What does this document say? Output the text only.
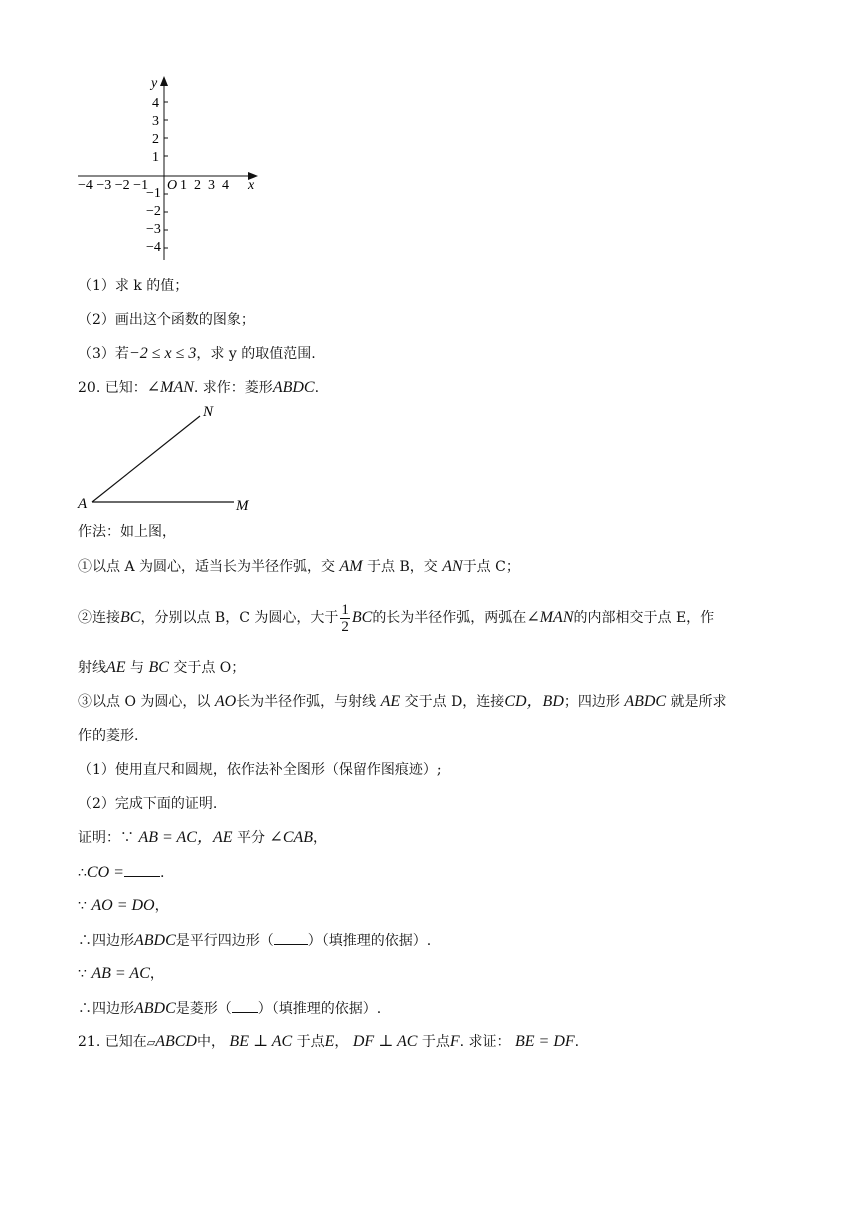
y
4
3
2
1
−1
−2
−3
−4
−4 −3 −2 −1 O 1  2  3  4 x
（1）求 k 的值；
（2）画出这个函数的图象；
（3）若−2 ≤ x ≤ 3，求 y 的取值范围.
20. 已知：∠MAN. 求作：菱形ABDC.
A	M
N
作法：如上图，
①以点 A 为圆心，适当长为半径作弧，交 AM 于点 B，交 AN于点 C；
②连接BC，分别以点 B，C 为圆心，大于 $\frac{1}{2}$ BC的长为半径作弧，两弧在∠MAN的内部相交于点 E，作
射线AE 与 BC 交于点 O；
③以点 O 为圆心，以 AO长为半径作弧，与射线 AE 交于点 D，连接CD，BD；四边形 ABDC 就是所求
作的菱形.
（1）使用直尺和圆规，依作法补全图形（保留作图痕迹）;
（2）完成下面的证明.
证明：∵ AB = AC，AE 平分 ∠CAB，
∴CO =	.
∵ AO = DO，
∴四边形ABDC是平行四边形（ ）（填推理的依据）.
∵ AB = AC，
∴四边形ABDC是菱形（ ）（填推理的依据）.
21. 已知在▱ABCD中， BE ⊥ AC 于点E， DF ⊥ AC 于点F. 求证： BE = DF.
